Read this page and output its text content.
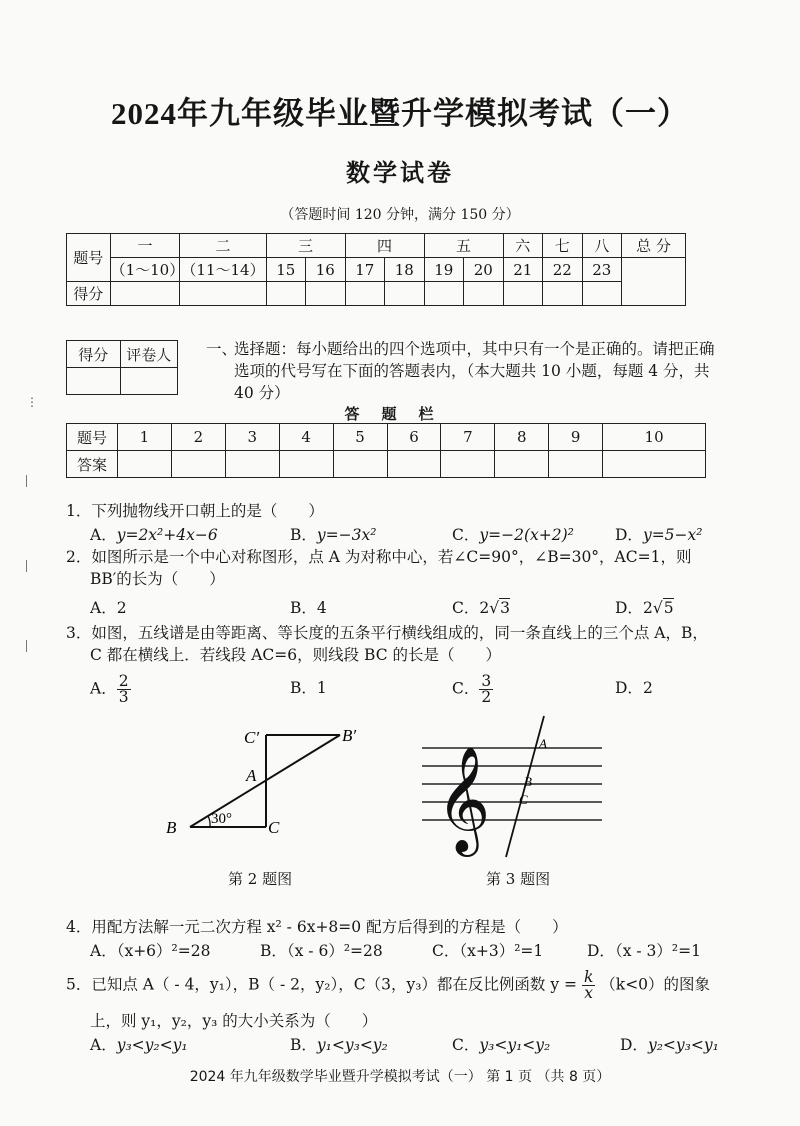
2024年九年级毕业暨升学模拟考试（一）
数学试卷
（答题时间 120 分钟，满分 150 分）
⋮
题号	一	二	三		四		五		六	七	八	总 分
	（1～10）	（11～14）	15	16	17	18	19	20	21	22	23	
得分												
得分	评卷人
	一、
选择题：每小题给出的四个选项中，其中只有一个是正确的。请把正确选项的代号写在下面的答题表内，（本大题共 10 小题，每题 4 分，共 40 分）
答题栏
题号	1	2	3	4	5	6	7	8	9	10
答案										
1．下列抛物线开口朝上的是（　　）
A．y=2x²+4x−6	B．y=−3x²	C．y=−2(x+2)²	D．y=5−x²
2．如图所示是一个中心对称图形，点 A 为对称中心，若∠C=90°，∠B=30°，AC=1，则
BB′的长为（　　）
A．2	B．4	C．2√3	D．2√5
3．如图，五线谱是由等距离、等长度的五条平行横线组成的，同一条直线上的三个点 A，B，
C 都在横线上．若线段 AC=6，则线段 BC 的长是（　　）
A． $\frac{2}{3}$	B．1	C． $\frac{3}{2}$	D．2
B	C
A
B′
C′
30°
第 2 题图
𝄞
A
B
C
第 3 题图
4．用配方法解一元二次方程 x² - 6x+8=0 配方后得到的方程是（　　）
A．（x+6）²=28	B．（x - 6）²=28	C．（x+3）²=1	D．（x - 3）²=1
5．已知点 A（ - 4，y₁），B（ - 2，y₂），C（3，y₃）都在反比例函数 $y = \frac{k}{x} (k<0)$的图象
上，则 y₁，y₂，y₃ 的大小关系为（　　）
A．y₃<y₂<y₁	B．y₁<y₃<y₂	C．y₃<y₁<y₂	D．y₂<y₃<y₁
2024 年九年级数学毕业暨升学模拟考试（一） 第 1 页 （共 8 页）
